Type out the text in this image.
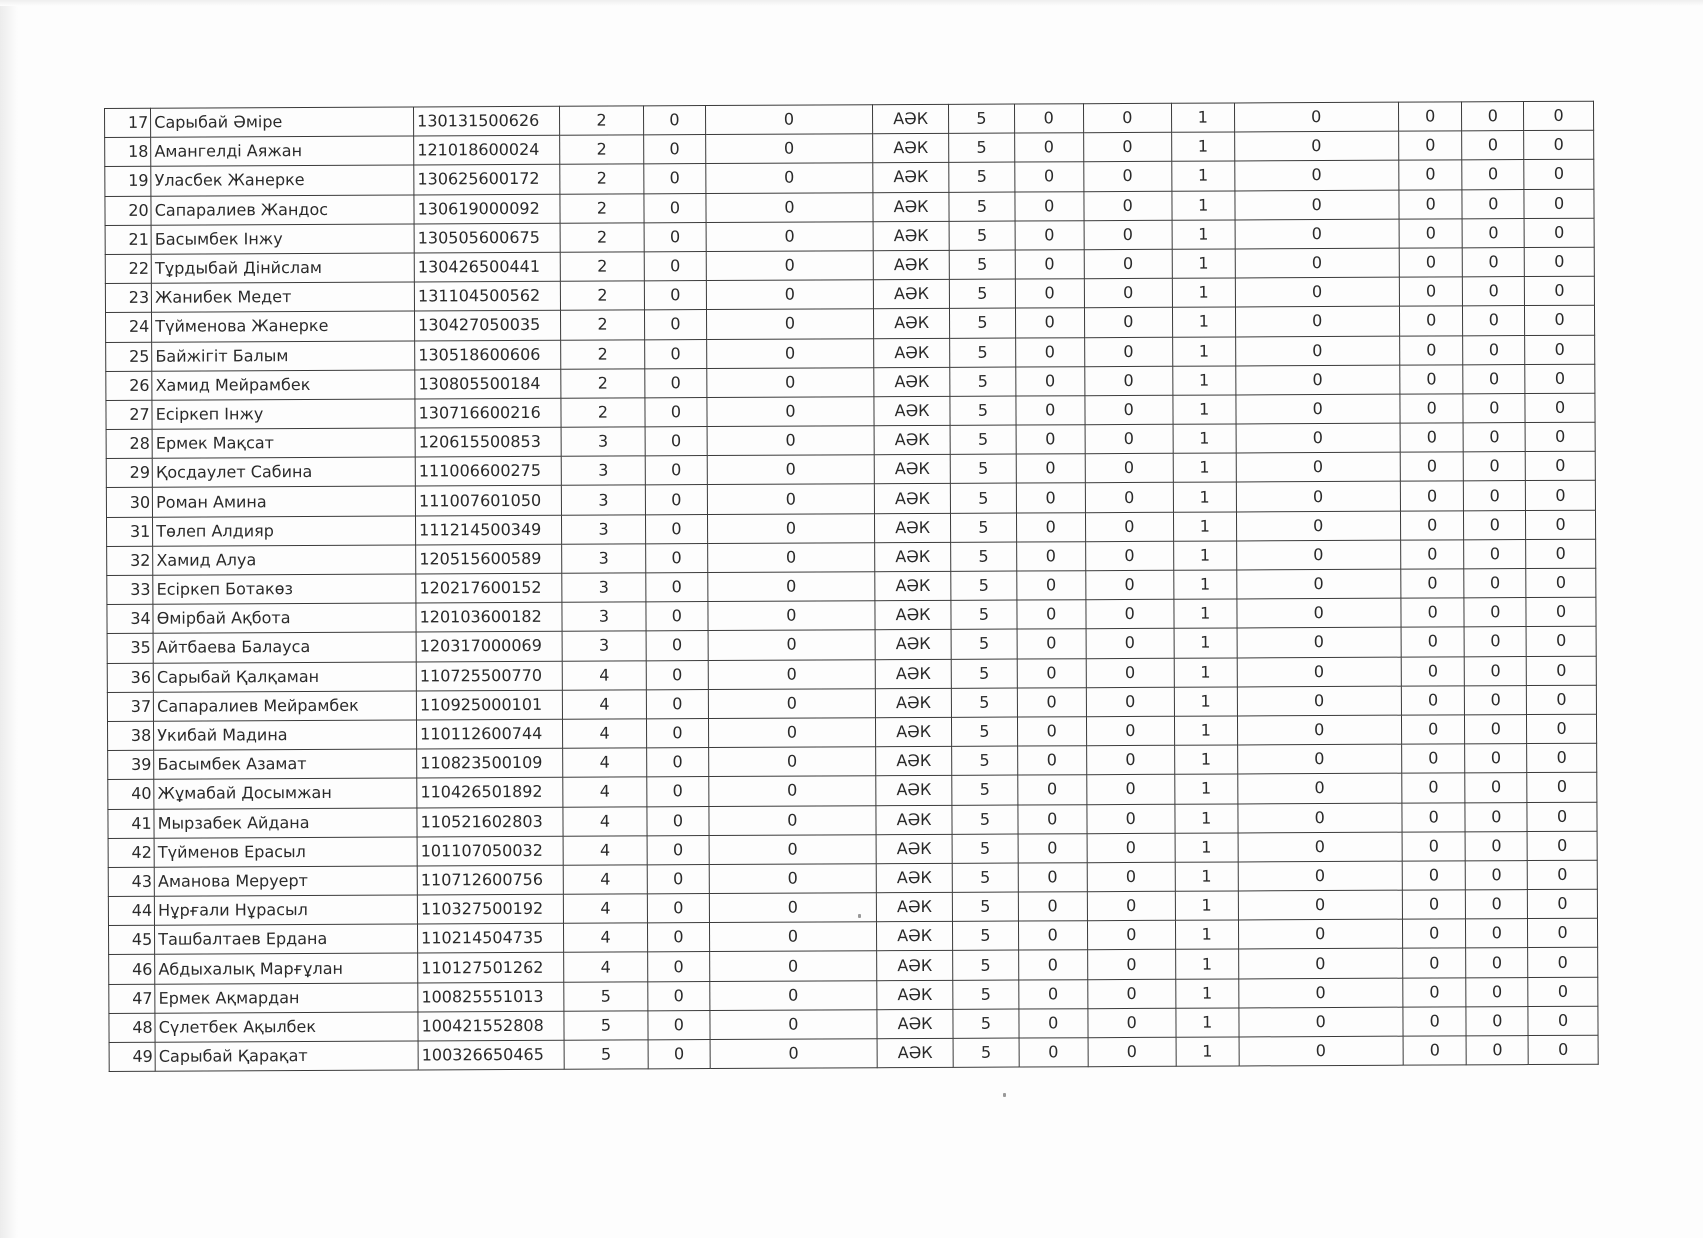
17	Сарыбай Әміре	130131500626	2	0	0	АӘК	5	0	0	1	0	0	0	0
18	Амангелді Аяжан	121018600024	2	0	0	АӘК	5	0	0	1	0	0	0	0
19	Уласбек Жанерке	130625600172	2	0	0	АӘК	5	0	0	1	0	0	0	0
20	Сапаралиев Жандос	130619000092	2	0	0	АӘК	5	0	0	1	0	0	0	0
21	Басымбек Інжу	130505600675	2	0	0	АӘК	5	0	0	1	0	0	0	0
22	Тұрдыбай Дінйслам	130426500441	2	0	0	АӘК	5	0	0	1	0	0	0	0
23	Жанибек Медет	131104500562	2	0	0	АӘК	5	0	0	1	0	0	0	0
24	Түйменова Жанерке	130427050035	2	0	0	АӘК	5	0	0	1	0	0	0	0
25	Байжігіт Балым	130518600606	2	0	0	АӘК	5	0	0	1	0	0	0	0
26	Хамид Мейрамбек	130805500184	2	0	0	АӘК	5	0	0	1	0	0	0	0
27	Есіркеп Інжу	130716600216	2	0	0	АӘК	5	0	0	1	0	0	0	0
28	Ермек Мақсат	120615500853	3	0	0	АӘК	5	0	0	1	0	0	0	0
29	Қосдаулет Сабина	111006600275	3	0	0	АӘК	5	0	0	1	0	0	0	0
30	Роман Амина	111007601050	3	0	0	АӘК	5	0	0	1	0	0	0	0
31	Төлеп Алдияр	111214500349	3	0	0	АӘК	5	0	0	1	0	0	0	0
32	Хамид Алуа	120515600589	3	0	0	АӘК	5	0	0	1	0	0	0	0
33	Есіркеп Ботакөз	120217600152	3	0	0	АӘК	5	0	0	1	0	0	0	0
34	Өмірбай Ақбота	120103600182	3	0	0	АӘК	5	0	0	1	0	0	0	0
35	Айтбаева Балауса	120317000069	3	0	0	АӘК	5	0	0	1	0	0	0	0
36	Сарыбай Қалқаман	110725500770	4	0	0	АӘК	5	0	0	1	0	0	0	0
37	Сапаралиев Мейрамбек	110925000101	4	0	0	АӘК	5	0	0	1	0	0	0	0
38	Укибай Мадина	110112600744	4	0	0	АӘК	5	0	0	1	0	0	0	0
39	Басымбек Азамат	110823500109	4	0	0	АӘК	5	0	0	1	0	0	0	0
40	Жұмабай Досымжан	110426501892	4	0	0	АӘК	5	0	0	1	0	0	0	0
41	Мырзабек Айдана	110521602803	4	0	0	АӘК	5	0	0	1	0	0	0	0
42	Түйменов Ерасыл	101107050032	4	0	0	АӘК	5	0	0	1	0	0	0	0
43	Аманова Меруерт	110712600756	4	0	0	АӘК	5	0	0	1	0	0	0	0
44	Нұрғали Нұрасыл	110327500192	4	0	0	АӘК	5	0	0	1	0	0	0	0
45	Ташбалтаев Ердана	110214504735	4	0	0	АӘК	5	0	0	1	0	0	0	0
46	Абдыхалық Марғұлан	110127501262	4	0	0	АӘК	5	0	0	1	0	0	0	0
47	Ермек Ақмардан	100825551013	5	0	0	АӘК	5	0	0	1	0	0	0	0
48	Сүлетбек Ақылбек	100421552808	5	0	0	АӘК	5	0	0	1	0	0	0	0
49	Сарыбай Қарақат	100326650465	5	0	0	АӘК	5	0	0	1	0	0	0	0
